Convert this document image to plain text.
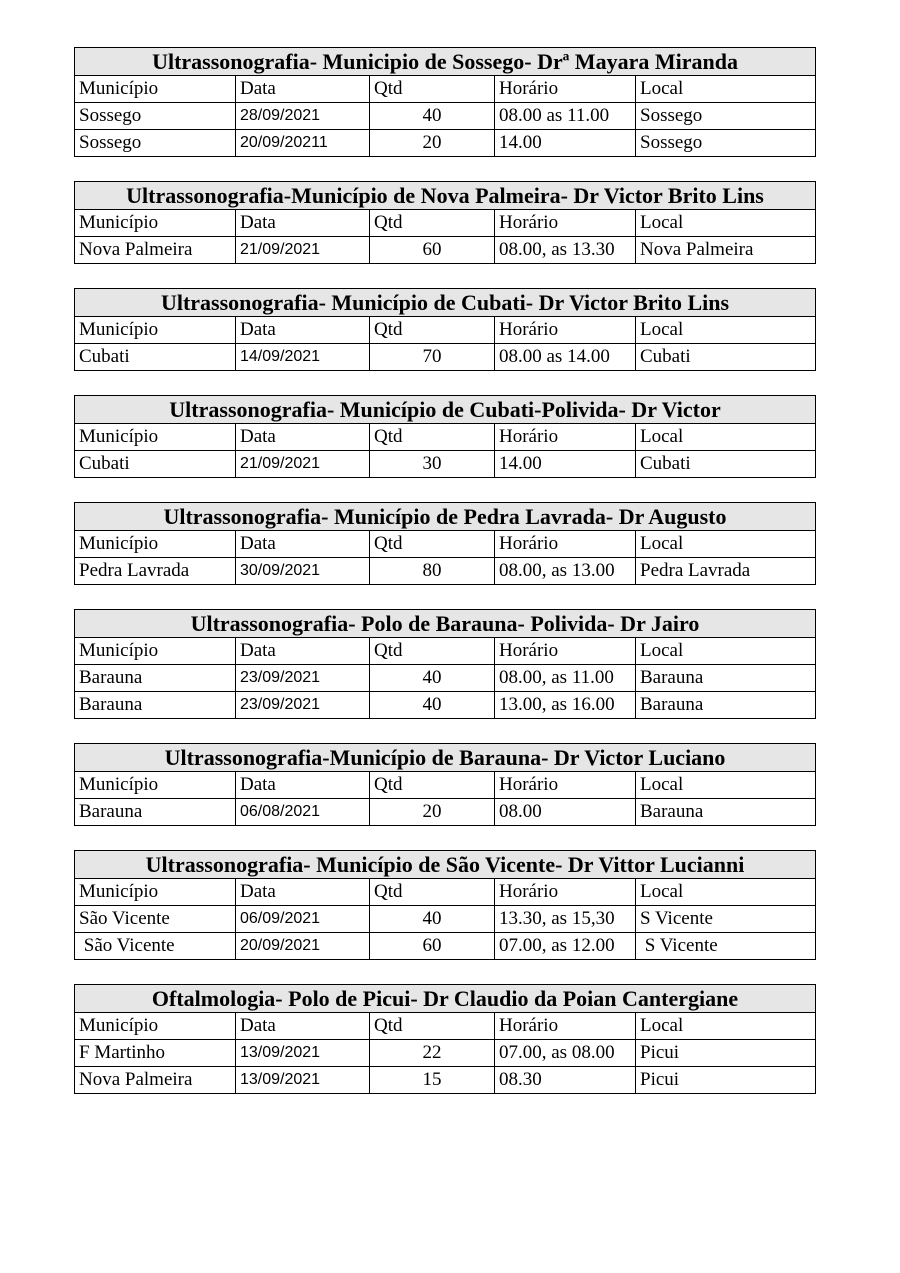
Ultrassonografia- Municipio de Sossego- Drª Mayara Miranda				
Município	Data	Qtd	Horário	Local
Sossego	28/09/2021	40	08.00 as 11.00	Sossego
Sossego	20/09/20211	20	14.00	Sossego
Ultrassonografia-Município de Nova Palmeira- Dr Victor Brito Lins				
Município	Data	Qtd	Horário	Local
Nova Palmeira	21/09/2021	60	08.00, as 13.30	Nova Palmeira
Ultrassonografia- Município de Cubati- Dr Victor Brito Lins				
Município	Data	Qtd	Horário	Local
Cubati	14/09/2021	70	08.00 as 14.00	Cubati
Ultrassonografia- Município de Cubati-Polivida- Dr Victor				
Município	Data	Qtd	Horário	Local
Cubati	21/09/2021	30	14.00	Cubati
Ultrassonografia- Município de Pedra Lavrada- Dr Augusto				
Município	Data	Qtd	Horário	Local
Pedra Lavrada	30/09/2021	80	08.00, as 13.00	Pedra Lavrada
Ultrassonografia- Polo de Barauna- Polivida- Dr Jairo				
Município	Data	Qtd	Horário	Local
Barauna	23/09/2021	40	08.00, as 11.00	Barauna
Barauna	23/09/2021	40	13.00, as 16.00	Barauna
Ultrassonografia-Município de Barauna- Dr Victor Luciano				
Município	Data	Qtd	Horário	Local
Barauna	06/08/2021	20	08.00	Barauna
Ultrassonografia- Município de São Vicente- Dr Vittor Lucianni				
Município	Data	Qtd	Horário	Local
São Vicente	06/09/2021	40	13.30, as 15,30	S Vicente
São Vicente	20/09/2021	60	07.00, as 12.00	S Vicente
Oftalmologia- Polo de Picui- Dr Claudio da Poian Cantergiane				
Município	Data	Qtd	Horário	Local
F Martinho	13/09/2021	22	07.00, as 08.00	Picui
Nova Palmeira	13/09/2021	15	08.30	Picui
